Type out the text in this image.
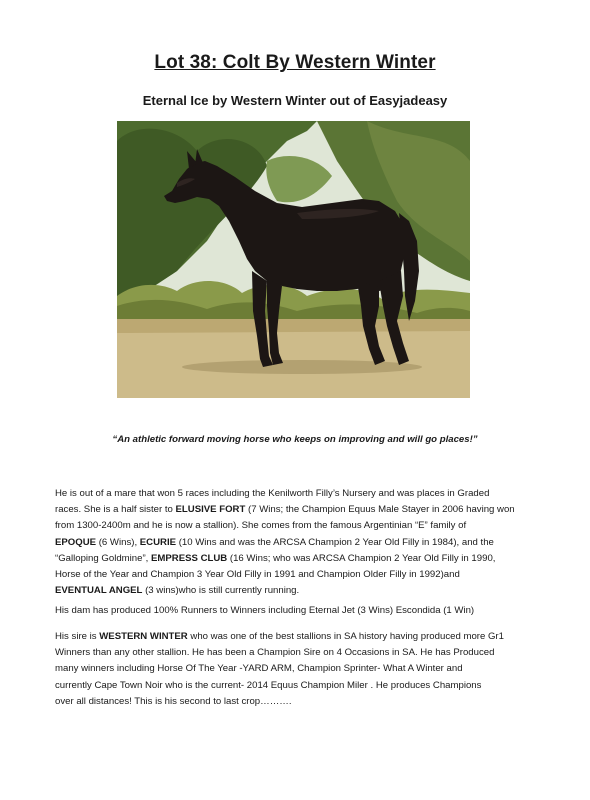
Lot 38: Colt By Western Winter
Eternal Ice by Western Winter out of Easyjadeasy
“An athletic forward moving horse who keeps on improving and will go places!”
He is out of a mare that won 5 races including the Kenilworth Filly’s Nursery and was places in Graded
races. She is a half sister to ELUSIVE FORT (7 Wins; the Champion Equus Male Stayer in 2006 having won
from 1300-2400m and he is now a stallion). She comes from the famous Argentinian “E” family of
EPOQUE (6 Wins), ECURIE (10 Wins and was the ARCSA Champion 2 Year Old Filly in 1984), and the
“Galloping Goldmine”, EMPRESS CLUB (16 Wins; who was ARCSA Champion 2 Year Old Filly in 1990,
Horse of the Year and Champion 3 Year Old Filly in 1991 and Champion Older Filly in 1992)and
EVENTUAL ANGEL (3 wins)who is still currently running.
His dam has produced 100% Runners to Winners including Eternal Jet (3 Wins) Escondida (1 Win)
His sire is WESTERN WINTER who was one of the best stallions in SA history having produced more Gr1
Winners than any other stallion. He has been a Champion Sire on 4 Occasions in SA. He has Produced
many winners including Horse Of The Year -YARD ARM, Champion Sprinter- What A Winter and
currently Cape Town Noir who is the current- 2014 Equus Champion Miler . He produces Champions
over all distances! This is his second to last crop……….
